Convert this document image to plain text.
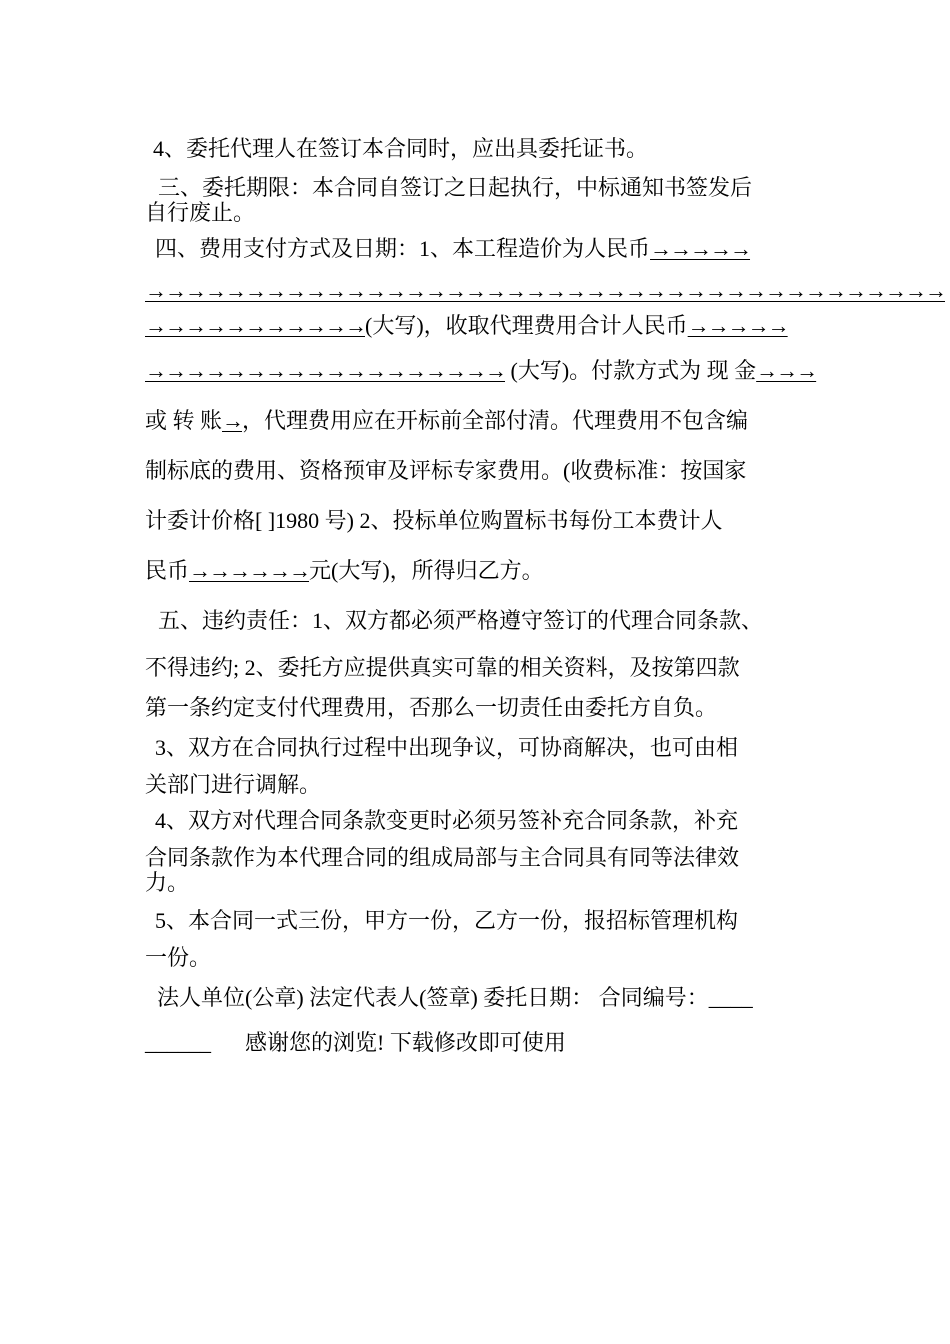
4、委托代理人在签订本合同时，应出具委托证书。
三、委托期限：本合同自签订之日起执行，中标通知书签发后
自行废止。
四、费用支付方式及日期：1、本工程造价为人民币→→→→→
→→→→→→→→→→→→→→→→→→→→→→→→→→→→→→→→→→→→→→→→
→→→→→→→→→→→(大写)，收取代理费用合计人民币→→→→→
→→→→→→→→→→→→→→→→→→ (大写)。付款方式为 现 金→→→
或 转 账→，代理费用应在开标前全部付清。代理费用不包含编
制标底的费用、资格预审及评标专家费用。(收费标准：按国家
计委计价格[ ]1980 号) 2、投标单位购置标书每份工本费计人
民币→→→→→→元(大写)，所得归乙方。
五、违约责任：1、双方都必须严格遵守签订的代理合同条款、
不得违约; 2、委托方应提供真实可靠的相关资料，及按第四款
第一条约定支付代理费用，否那么一切责任由委托方自负。
3、双方在合同执行过程中出现争议，可协商解决，也可由相
关部门进行调解。
4、双方对代理合同条款变更时必须另签补充合同条款，补充
合同条款作为本代理合同的组成局部与主合同具有同等法律效
力。
5、本合同一式三份，甲方一份，乙方一份，报招标管理机构
一份。
法人单位(公章) 法定代表人(签章) 委托日期： 合同编号：____
______ 感谢您的浏览! 下载修改即可使用
